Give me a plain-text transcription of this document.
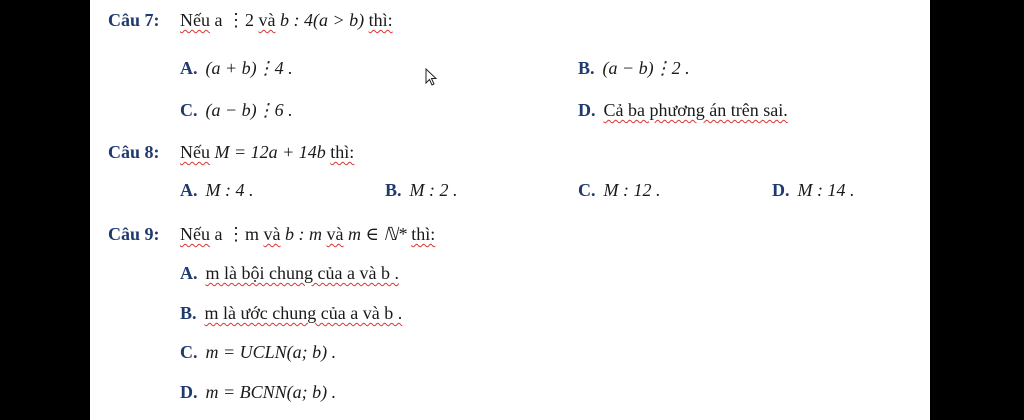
Câu 7: Nếu a ⋮2 và b : 4(a > b) thì:
A. (a + b)⋮4 .	B. (a − b)⋮2 .
C. (a − b)⋮6 .	D. Cả ba phương án trên sai.
Câu 8: Nếu M = 12a + 14b thì:
A. M : 4 .	B. M : 2 .	C. M : 12 .	D. M : 14 .
Câu 9: Nếu a ⋮m và b : m và m ∈ ℕ* thì:
A. m là bội chung của a và b .
B. m là ước chung của a và b .
C. m = UCLN(a; b) .
D. m = BCNN(a; b) .
